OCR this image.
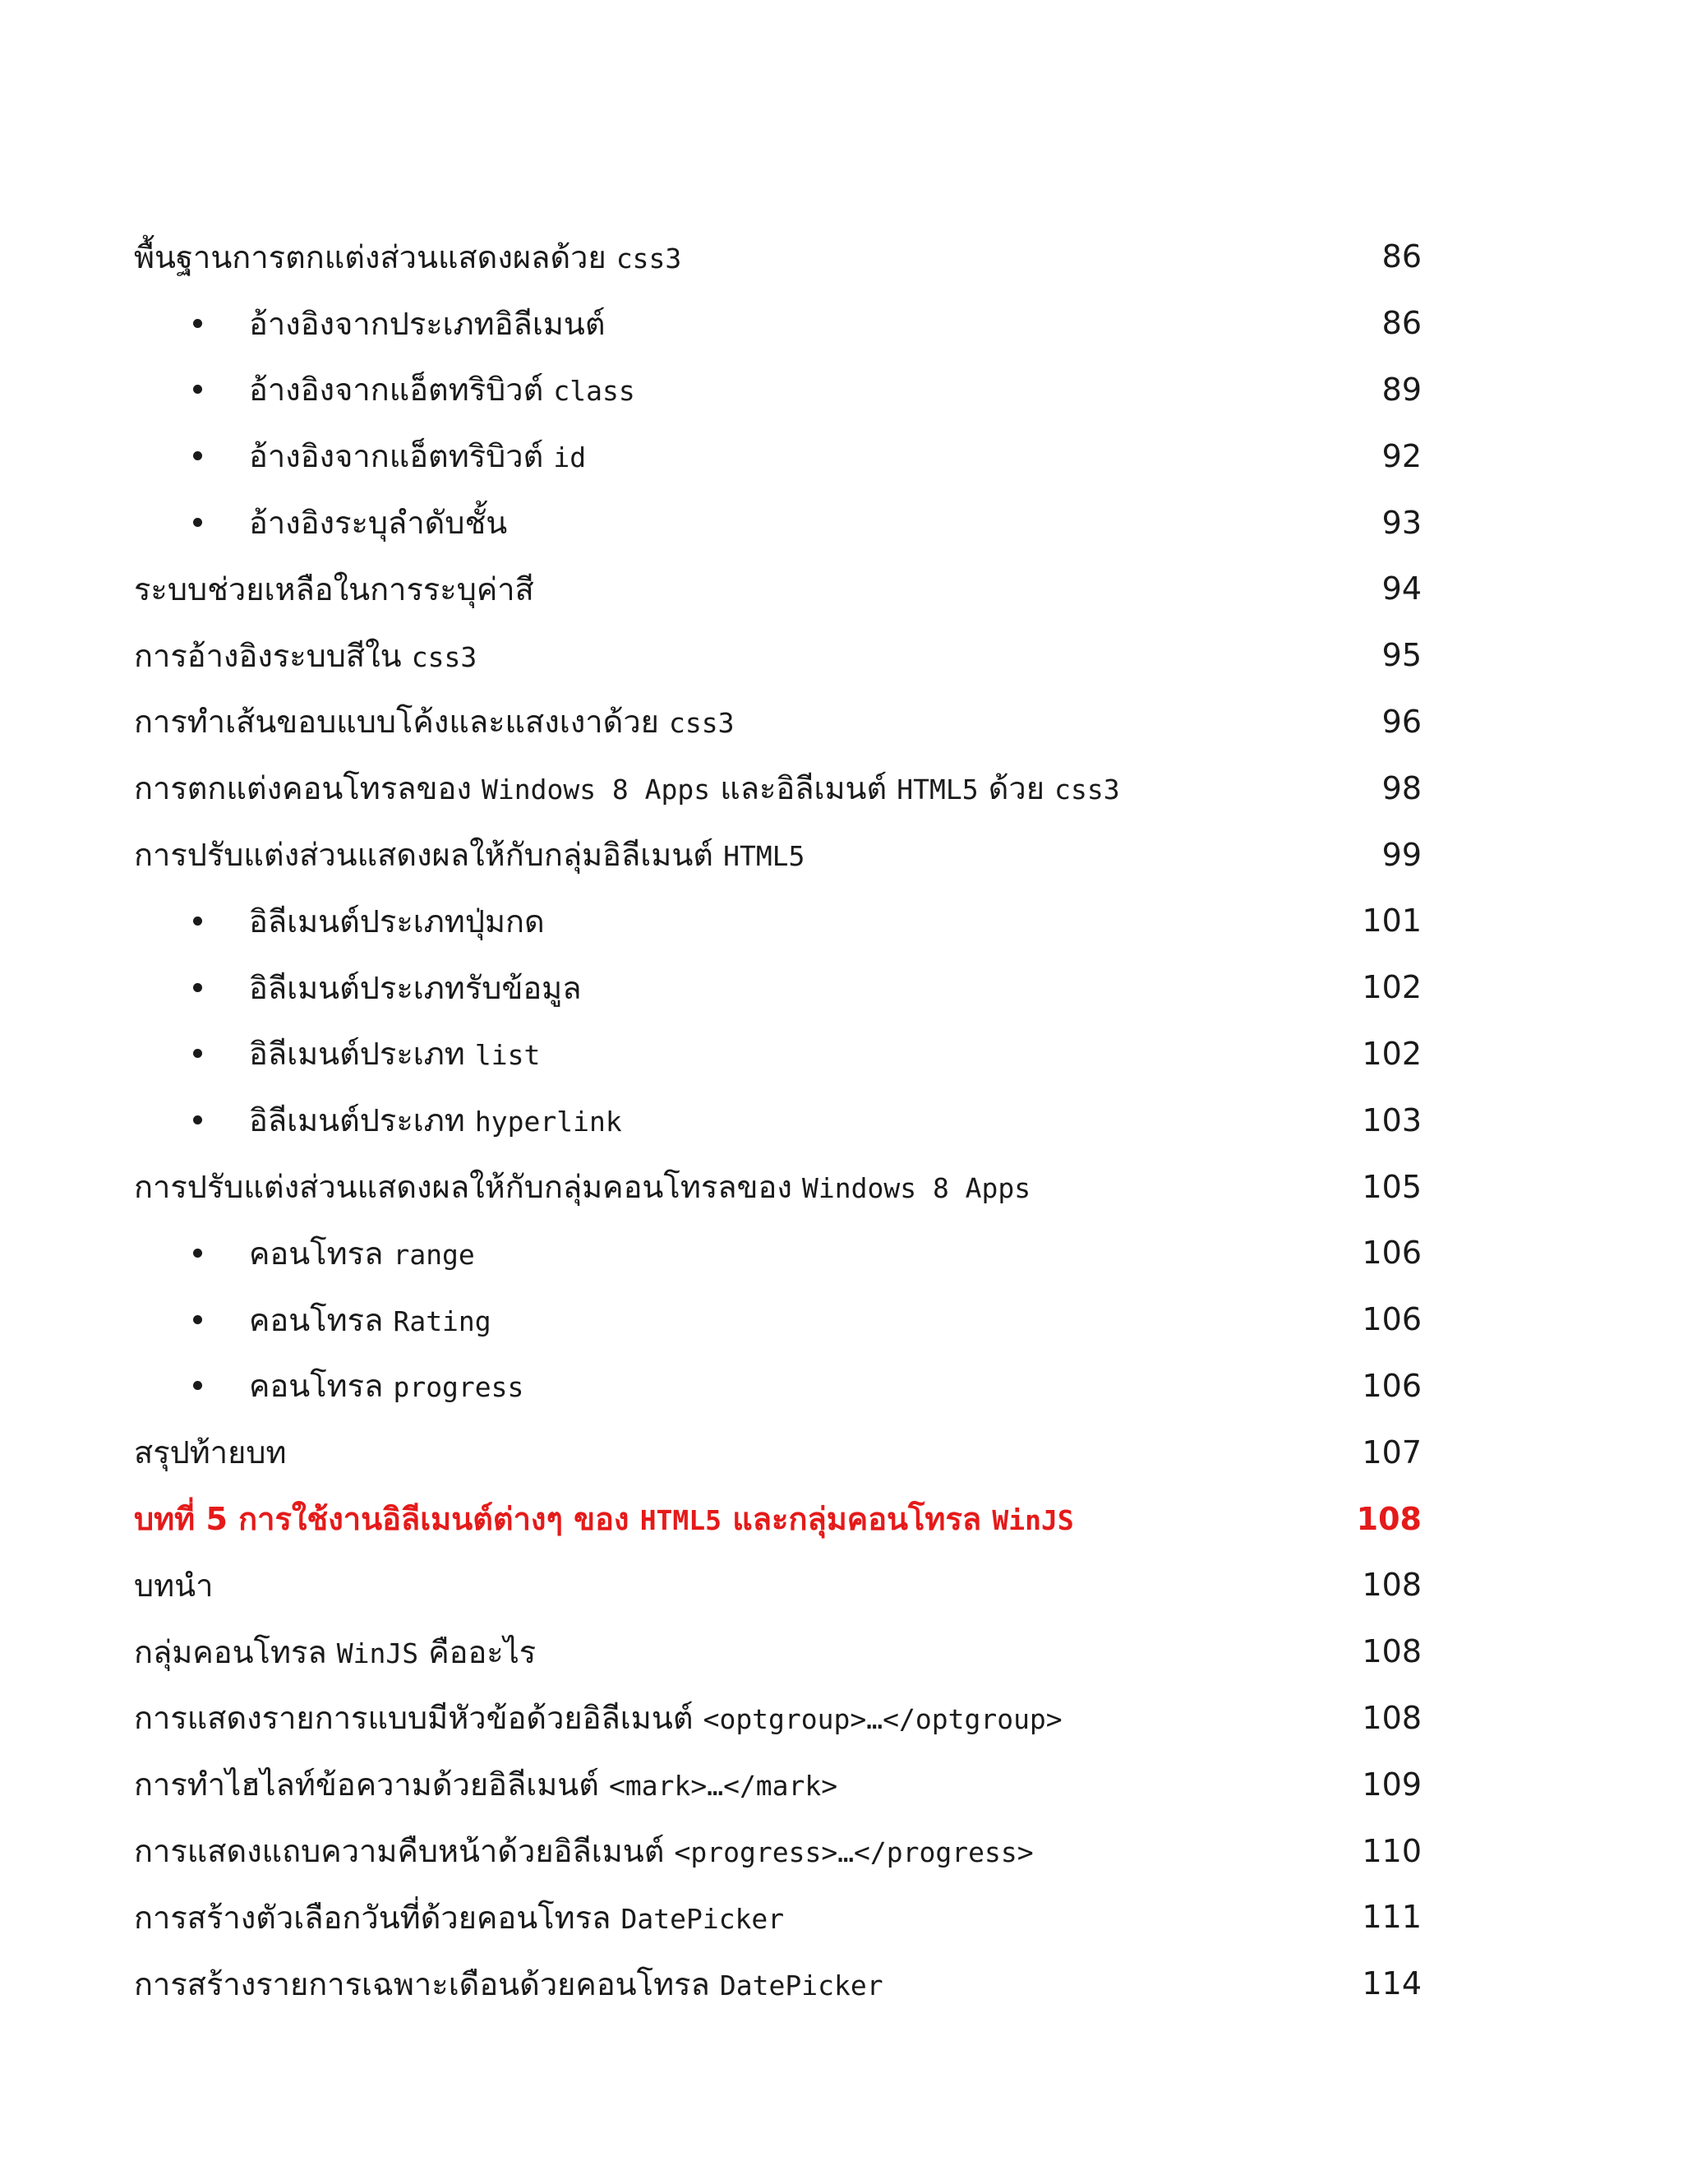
พื้นฐานการตกแต่งส่วนแสดงผลด้วย css3	86
อ้างอิงจากประเภทอิลีเมนต์	86
อ้างอิงจากแอ็ตทริบิวต์ class	89
อ้างอิงจากแอ็ตทริบิวต์ id	92
อ้างอิงระบุลำดับชั้น	93
ระบบช่วยเหลือในการระบุค่าสี	94
การอ้างอิงระบบสีใน css3	95
การทำเส้นขอบแบบโค้งและแสงเงาด้วย css3	96
การตกแต่งคอนโทรลของ Windows 8 Apps และอิลีเมนต์ HTML5 ด้วย css3	98
การปรับแต่งส่วนแสดงผลให้กับกลุ่มอิลีเมนต์ HTML5	99
อิลีเมนต์ประเภทปุ่มกด	101
อิลีเมนต์ประเภทรับข้อมูล	102
อิลีเมนต์ประเภท list	102
อิลีเมนต์ประเภท hyperlink	103
การปรับแต่งส่วนแสดงผลให้กับกลุ่มคอนโทรลของ Windows 8 Apps	105
คอนโทรล range	106
คอนโทรล Rating	106
คอนโทรล progress	106
สรุปท้ายบท	107
บทที่ 5 การใช้งานอิลีเมนต์ต่างๆ ของ HTML5 และกลุ่มคอนโทรล WinJS	108
บทนำ	108
กลุ่มคอนโทรล WinJS คืออะไร	108
การแสดงรายการแบบมีหัวข้อด้วยอิลีเมนต์ <optgroup>…</optgroup>	108
การทำไฮไลท์ข้อความด้วยอิลีเมนต์ <mark>…</mark>	109
การแสดงแถบความคืบหน้าด้วยอิลีเมนต์ <progress>…</progress>	110
การสร้างตัวเลือกวันที่ด้วยคอนโทรล DatePicker	111
การสร้างรายการเฉพาะเดือนด้วยคอนโทรล DatePicker	114
